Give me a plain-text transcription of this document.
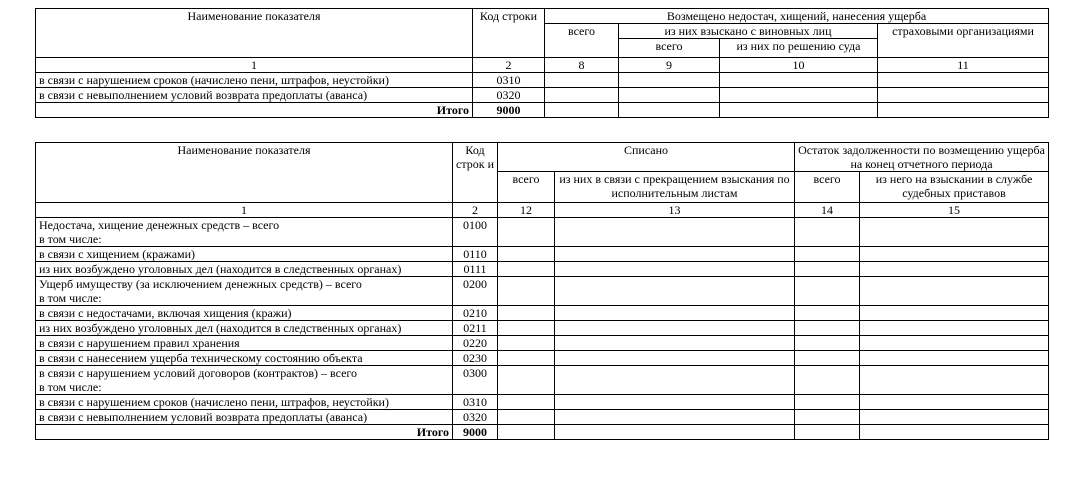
Наименование показателя	Код строки	Возмещено недостач, хищений, нанесения ущерба			
		всего	из них взыскано с виновных лиц		страховыми организациями
			всего	из них по решению суда	
1	2	8	9	10	11
в связи с нарушением сроков (начислено пени, штрафов, неустойки)	0310				
в связи с невыполнением условий возврата предоплаты (аванса)	0320				
Итого	9000				
Наименование показателя	Код строк и	Списано		Остаток задолженности по возмещению ущерба на конец отчетного периода	
		всего	из них в связи с прекращением взыскания по исполнительным листам	всего	из него на взыскании в службе судебных приставов
1	2	12	13	14	15

Недостача, хищение денежных средств – всего
в том числе:	0100				
в связи с хищением (кражами)	0110				
из них возбуждено уголовных дел (находится в следственных органах)	0111				

Ущерб имуществу (за исключением денежных средств) – всего
в том числе:	0200				
в связи с недостачами, включая хищения (кражи)	0210				
из них возбуждено уголовных дел (находится в следственных органах)	0211				
в связи с нарушением правил хранения	0220				
в связи с нанесением ущерба техническому состоянию объекта	0230				

в связи с нарушением условий договоров (контрактов) – всего
в том числе:	0300				
в связи с нарушением сроков (начислено пени, штрафов, неустойки)	0310				
в связи с невыполнением условий возврата предоплаты (аванса)	0320				
Итого	9000				
